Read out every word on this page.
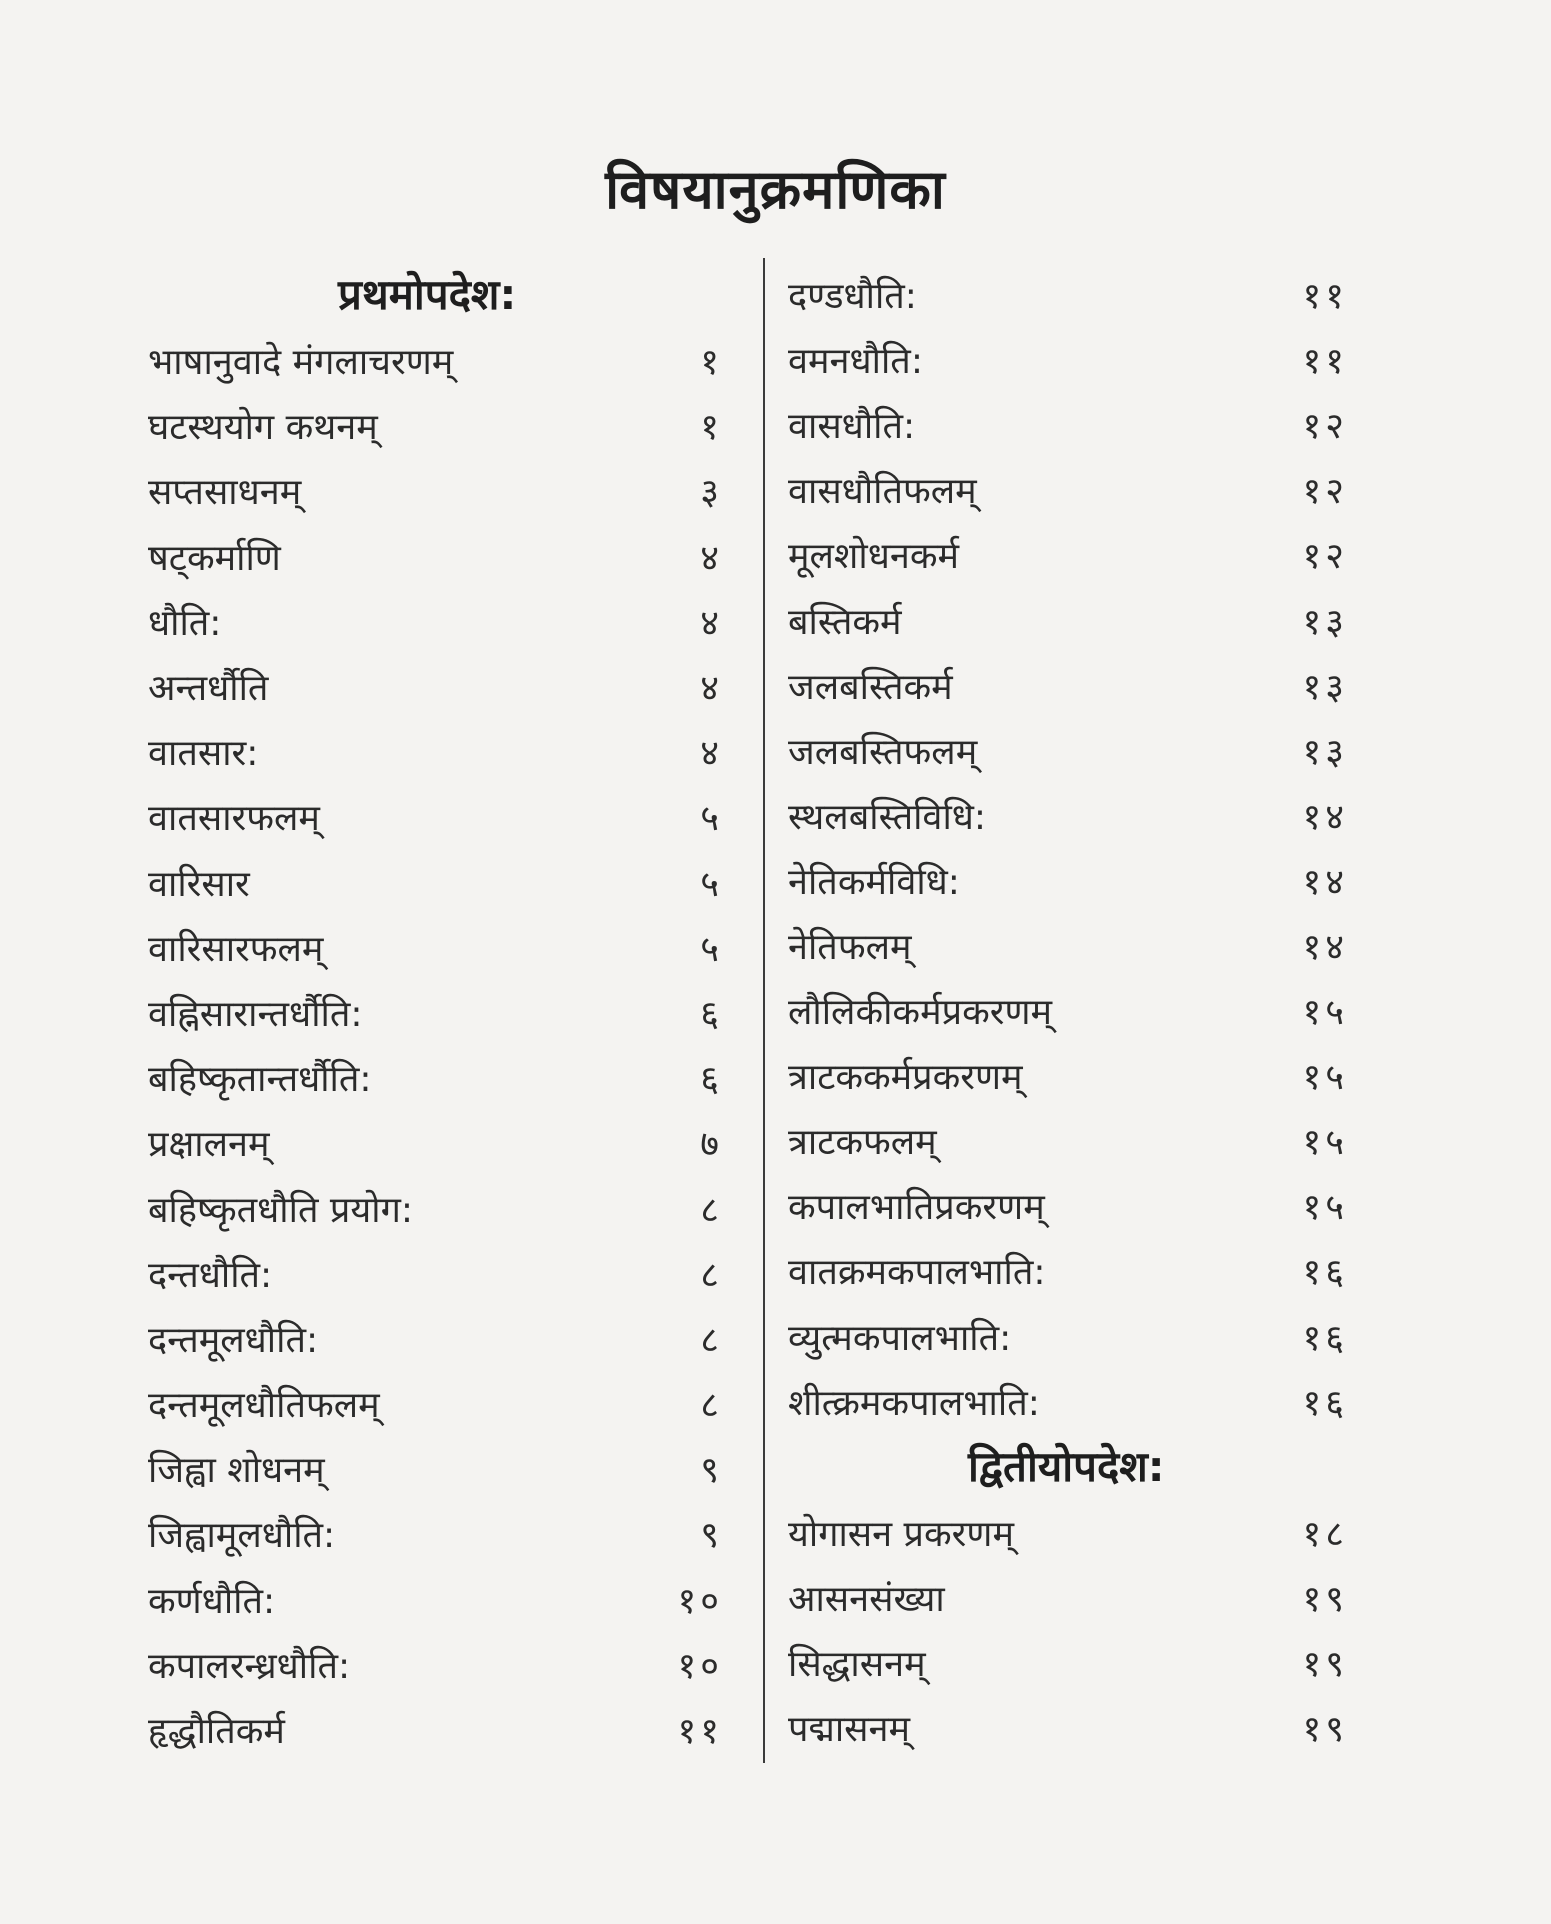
विषयानुक्रमणिका
प्रथमोपदेश:
भाषानुवादे मंगलाचरणम्	१
घटस्थयोग कथनम्	१
सप्तसाधनम्	३
षट्कर्माणि	४
धौति:	४
अन्तर्धौति	४
वातसार:	४
वातसारफलम्	५
वारिसार	५
वारिसारफलम्	५
वह्निसारान्तर्धौति:	६
बहिष्कृतान्तर्धौति:	६
प्रक्षालनम्	७
बहिष्कृतधौति प्रयोग:	८
दन्तधौति:	८
दन्तमूलधौति:	८
दन्तमूलधौतिफलम्	८
जिह्वा शोधनम्	९
जिह्वामूलधौति:	९
कर्णधौति:	१०
कपालरन्ध्रधौति:	१०
हृद्धौतिकर्म	११
दण्डधौति:	११
वमनधौति:	११
वासधौति:	१२
वासधौतिफलम्	१२
मूलशोधनकर्म	१२
बस्तिकर्म	१३
जलबस्तिकर्म	१३
जलबस्तिफलम्	१३
स्थलबस्तिविधि:	१४
नेतिकर्मविधि:	१४
नेतिफलम्	१४
लौलिकीकर्मप्रकरणम्	१५
त्राटककर्मप्रकरणम्	१५
त्राटकफलम्	१५
कपालभातिप्रकरणम्	१५
वातक्रमकपालभाति:	१६
व्युत्मकपालभाति:	१६
शीत्क्रमकपालभाति:	१६
द्वितीयोपदेश:
योगासन प्रकरणम्	१८
आसनसंख्या	१९
सिद्धासनम्	१९
पद्मासनम्	१९
